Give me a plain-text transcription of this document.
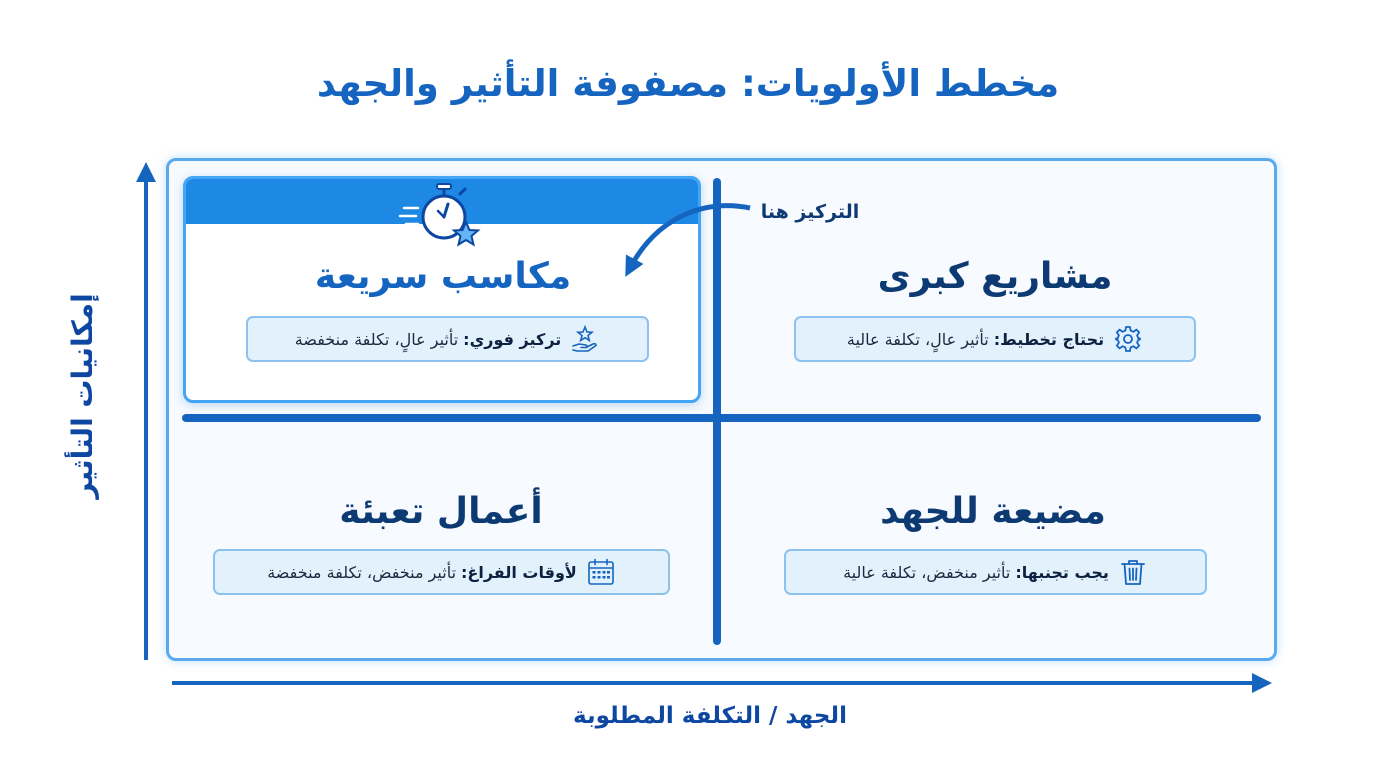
مخطط الأولويات: مصفوفة التأثير والجهد
إمكانيات التأثير
الجهد / التكلفة المطلوبة
التركيز هنا
مكاسب سريعة
تركيز فوري:
تأثير عالٍ، تكلفة منخفضة
مشاريع كبرى
تحتاج تخطيط:
تأثير عالٍ، تكلفة عالية
أعمال تعبئة
لأوقات الفراغ:
تأثير منخفض، تكلفة منخفضة
مضيعة للجهد
يجب تجنبها:
تأثير منخفض، تكلفة عالية
